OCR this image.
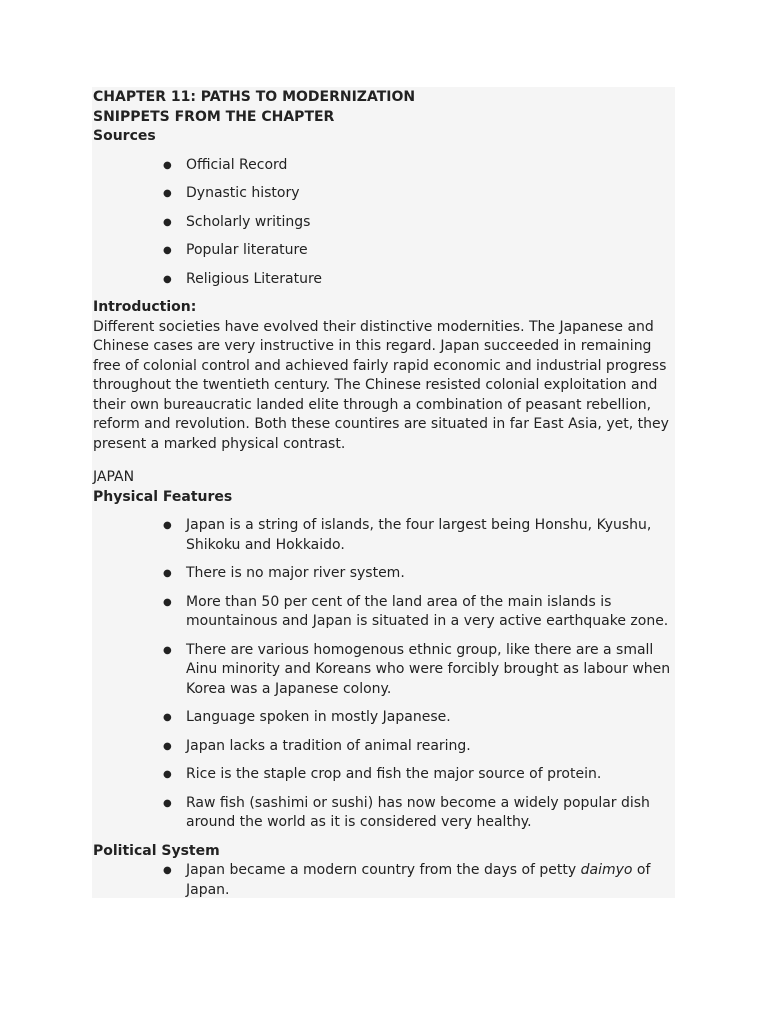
CHAPTER 11: PATHS TO MODERNIZATION
SNIPPETS FROM THE CHAPTER
Sources
● Official Record
● Dynastic history
● Scholarly writings
● Popular literature
● Religious Literature
Introduction:

Different societies have evolved their distinctive modernities. The Japanese and Chinese cases are very instructive in this regard. Japan succeeded in remaining free of colonial control and achieved fairly rapid economic and industrial progress throughout the twentieth century. The Chinese resisted colonial exploitation and their own bureaucratic landed elite through a combination of peasant rebellion, reform and revolution. Both these countires are situated in far East Asia, yet, they present a marked physical contrast.

JAPAN
Physical Features
● Japan is a string of islands, the four largest being Honshu, Kyushu, Shikoku and Hokkaido.
● There is no major river system.
● More than 50 per cent of the land area of the main islands is mountainous and Japan is situated in a very active earthquake zone.
● There are various homogenous ethnic group, like there are a small Ainu minority and Koreans who were forcibly brought as labour when Korea was a Japanese colony.
● Language spoken in mostly Japanese.
● Japan lacks a tradition of animal rearing.
● Rice is the staple crop and fish the major source of protein.
● Raw fish (sashimi or sushi) has now become a widely popular dish around the world as it is considered very healthy.
Political System
● Japan became a modern country from the days of petty daimyo of Japan.
